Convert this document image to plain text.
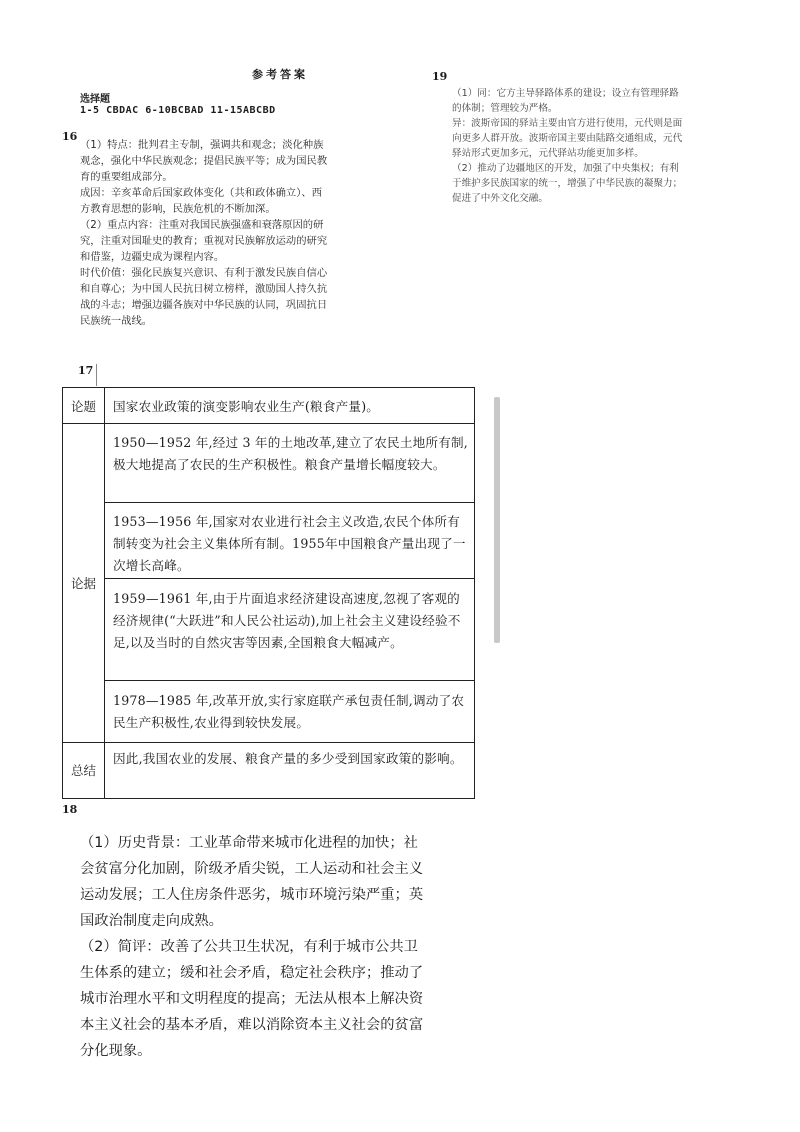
参考答案	19
选择题
1-5 CBDAC 6-10BCBAD 11-15ABCBD
16

（1）特点：批判君主专制，强调共和观念；淡化种族

观念，强化中华民族观念；提倡民族平等；成为国民教

育的重要组成部分。

成因：辛亥革命后国家政体变化（共和政体确立）、西

方教育思想的影响，民族危机的不断加深。

（2）重点内容：注重对我国民族强盛和衰落原因的研

究，注重对国耻史的教育；重视对民族解放运动的研究

和借鉴，边疆史成为课程内容。

时代价值：强化民族复兴意识、有利于激发民族自信心

和自尊心；为中国人民抗日树立榜样，激励国人持久抗

战的斗志；增强边疆各族对中华民族的认同，巩固抗日

民族统一战线。

（1）同：它方主导驿路体系的建设；设立有管理驿路

的体制；管理较为严格。

异：波斯帝国的驿站主要由官方进行使用，元代则是面

向更多人群开放。波斯帝国主要由陆路交通组成，元代

驿站形式更加多元，元代驿站功能更加多样。

（2）推动了边疆地区的开发，加强了中央集权；有利

于维护多民族国家的统一，增强了中华民族的凝聚力；

促进了中外文化交融。

17
论题	国家农业政策的演变影响农业生产(粮食产量)。
论据
1950—1952 年,经过 3 年的土地改革,建立了农民土地所有制,极大地提高了农民的生产积极性。粮食产量增长幅度较大。
1953—1956 年,国家对农业进行社会主义改造,农民个体所有制转变为社会主义集体所有制。1955年中国粮食产量出现了一次增长高峰。
1959—1961 年,由于片面追求经济建设高速度,忽视了客观的经济规律(“大跃进”和人民公社运动),加上社会主义建设经验不足,以及当时的自然灾害等因素,全国粮食大幅减产。
1978—1985 年,改革开放,实行家庭联产承包责任制,调动了农民生产积极性,农业得到较快发展。
总结
因此,我国农业的发展、粮食产量的多少受到国家政策的影响。
18

（1）历史背景：工业革命带来城市化进程的加快；社

会贫富分化加剧，阶级矛盾尖锐，工人运动和社会主义

运动发展；工人住房条件恶劣，城市环境污染严重；英

国政治制度走向成熟。

（2）简评：改善了公共卫生状况，有利于城市公共卫

生体系的建立；缓和社会矛盾，稳定社会秩序；推动了

城市治理水平和文明程度的提高；无法从根本上解决资

本主义社会的基本矛盾，难以消除资本主义社会的贫富

分化现象。
